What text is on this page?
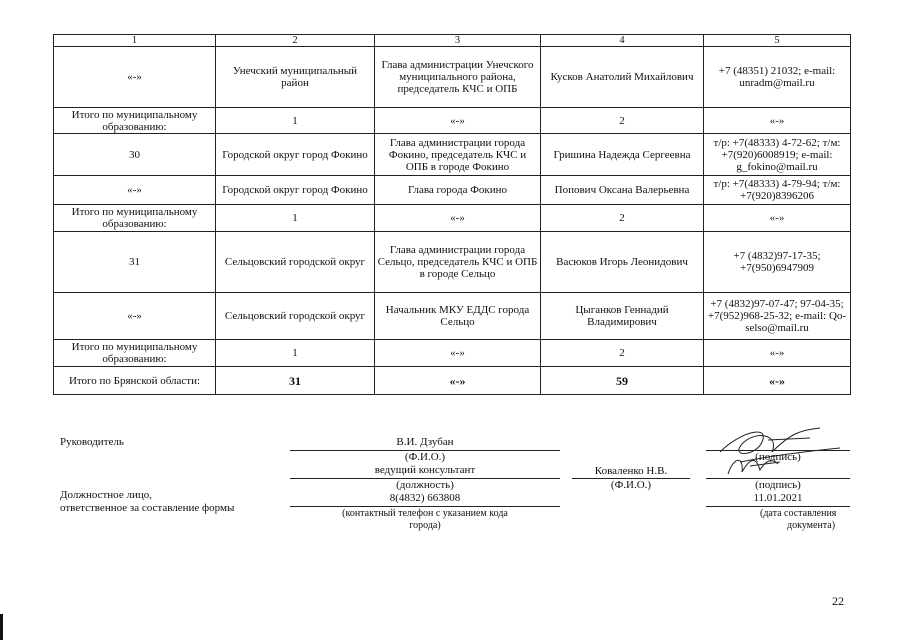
1	2	3	4	5
«-»	Унечский муниципальный район	Глава администрации Унечского муниципального района, председатель КЧС и ОПБ	Кусков Анатолий Михайлович	+7 (48351) 21032; e-mail: unradm@mail.ru
Итого по муниципальному образованию:	1	«-»	2	«-»
30	Городской округ город Фокино	Глава администрации города Фокино, председатель КЧС и ОПБ в городе Фокино	Гришина Надежда Сергеевна	т/р: +7(48333) 4-72-62; т/м: +7(920)6008919; e-mail: g_fokino@mail.ru
«-»	Городской округ город Фокино	Глава города Фокино	Попович Оксана Валерьевна	т/р: +7(48333) 4-79-94; т/м: +7(920)8396206
Итого по муниципальному образованию:	1	«-»	2	«-»
31	Сельцовский городской округ	Глава администрации города Сельцо, председатель КЧС и ОПБ в городе Сельцо	Васюков Игорь Леонидович	+7 (4832)97-17-35; +7(950)6947909
«-»	Сельцовский городской округ	Начальник МКУ ЕДДС города Сельцо	Цыганков Геннадий Владимирович	+7 (4832)97-07-47; 97-04-35; +7(952)968-25-32; e-mail: Qo-selso@mail.ru
Итого по муниципальному образованию:	1	«-»	2	«-»
Итого по Брянской области:	31	«-»	59	«-»
Руководитель	В.И. Дзубан
(Ф.И.О.)
ведущий консультант
(должность)
8(4832) 663808
(контактный телефон с указанием кода
города)
Должностное лицо,
ответственное за составление формы
Коваленко Н.В.
(Ф.И.О.)
(подпись)
(подпись)
11.01.2021
(дата составления
документа)
22
